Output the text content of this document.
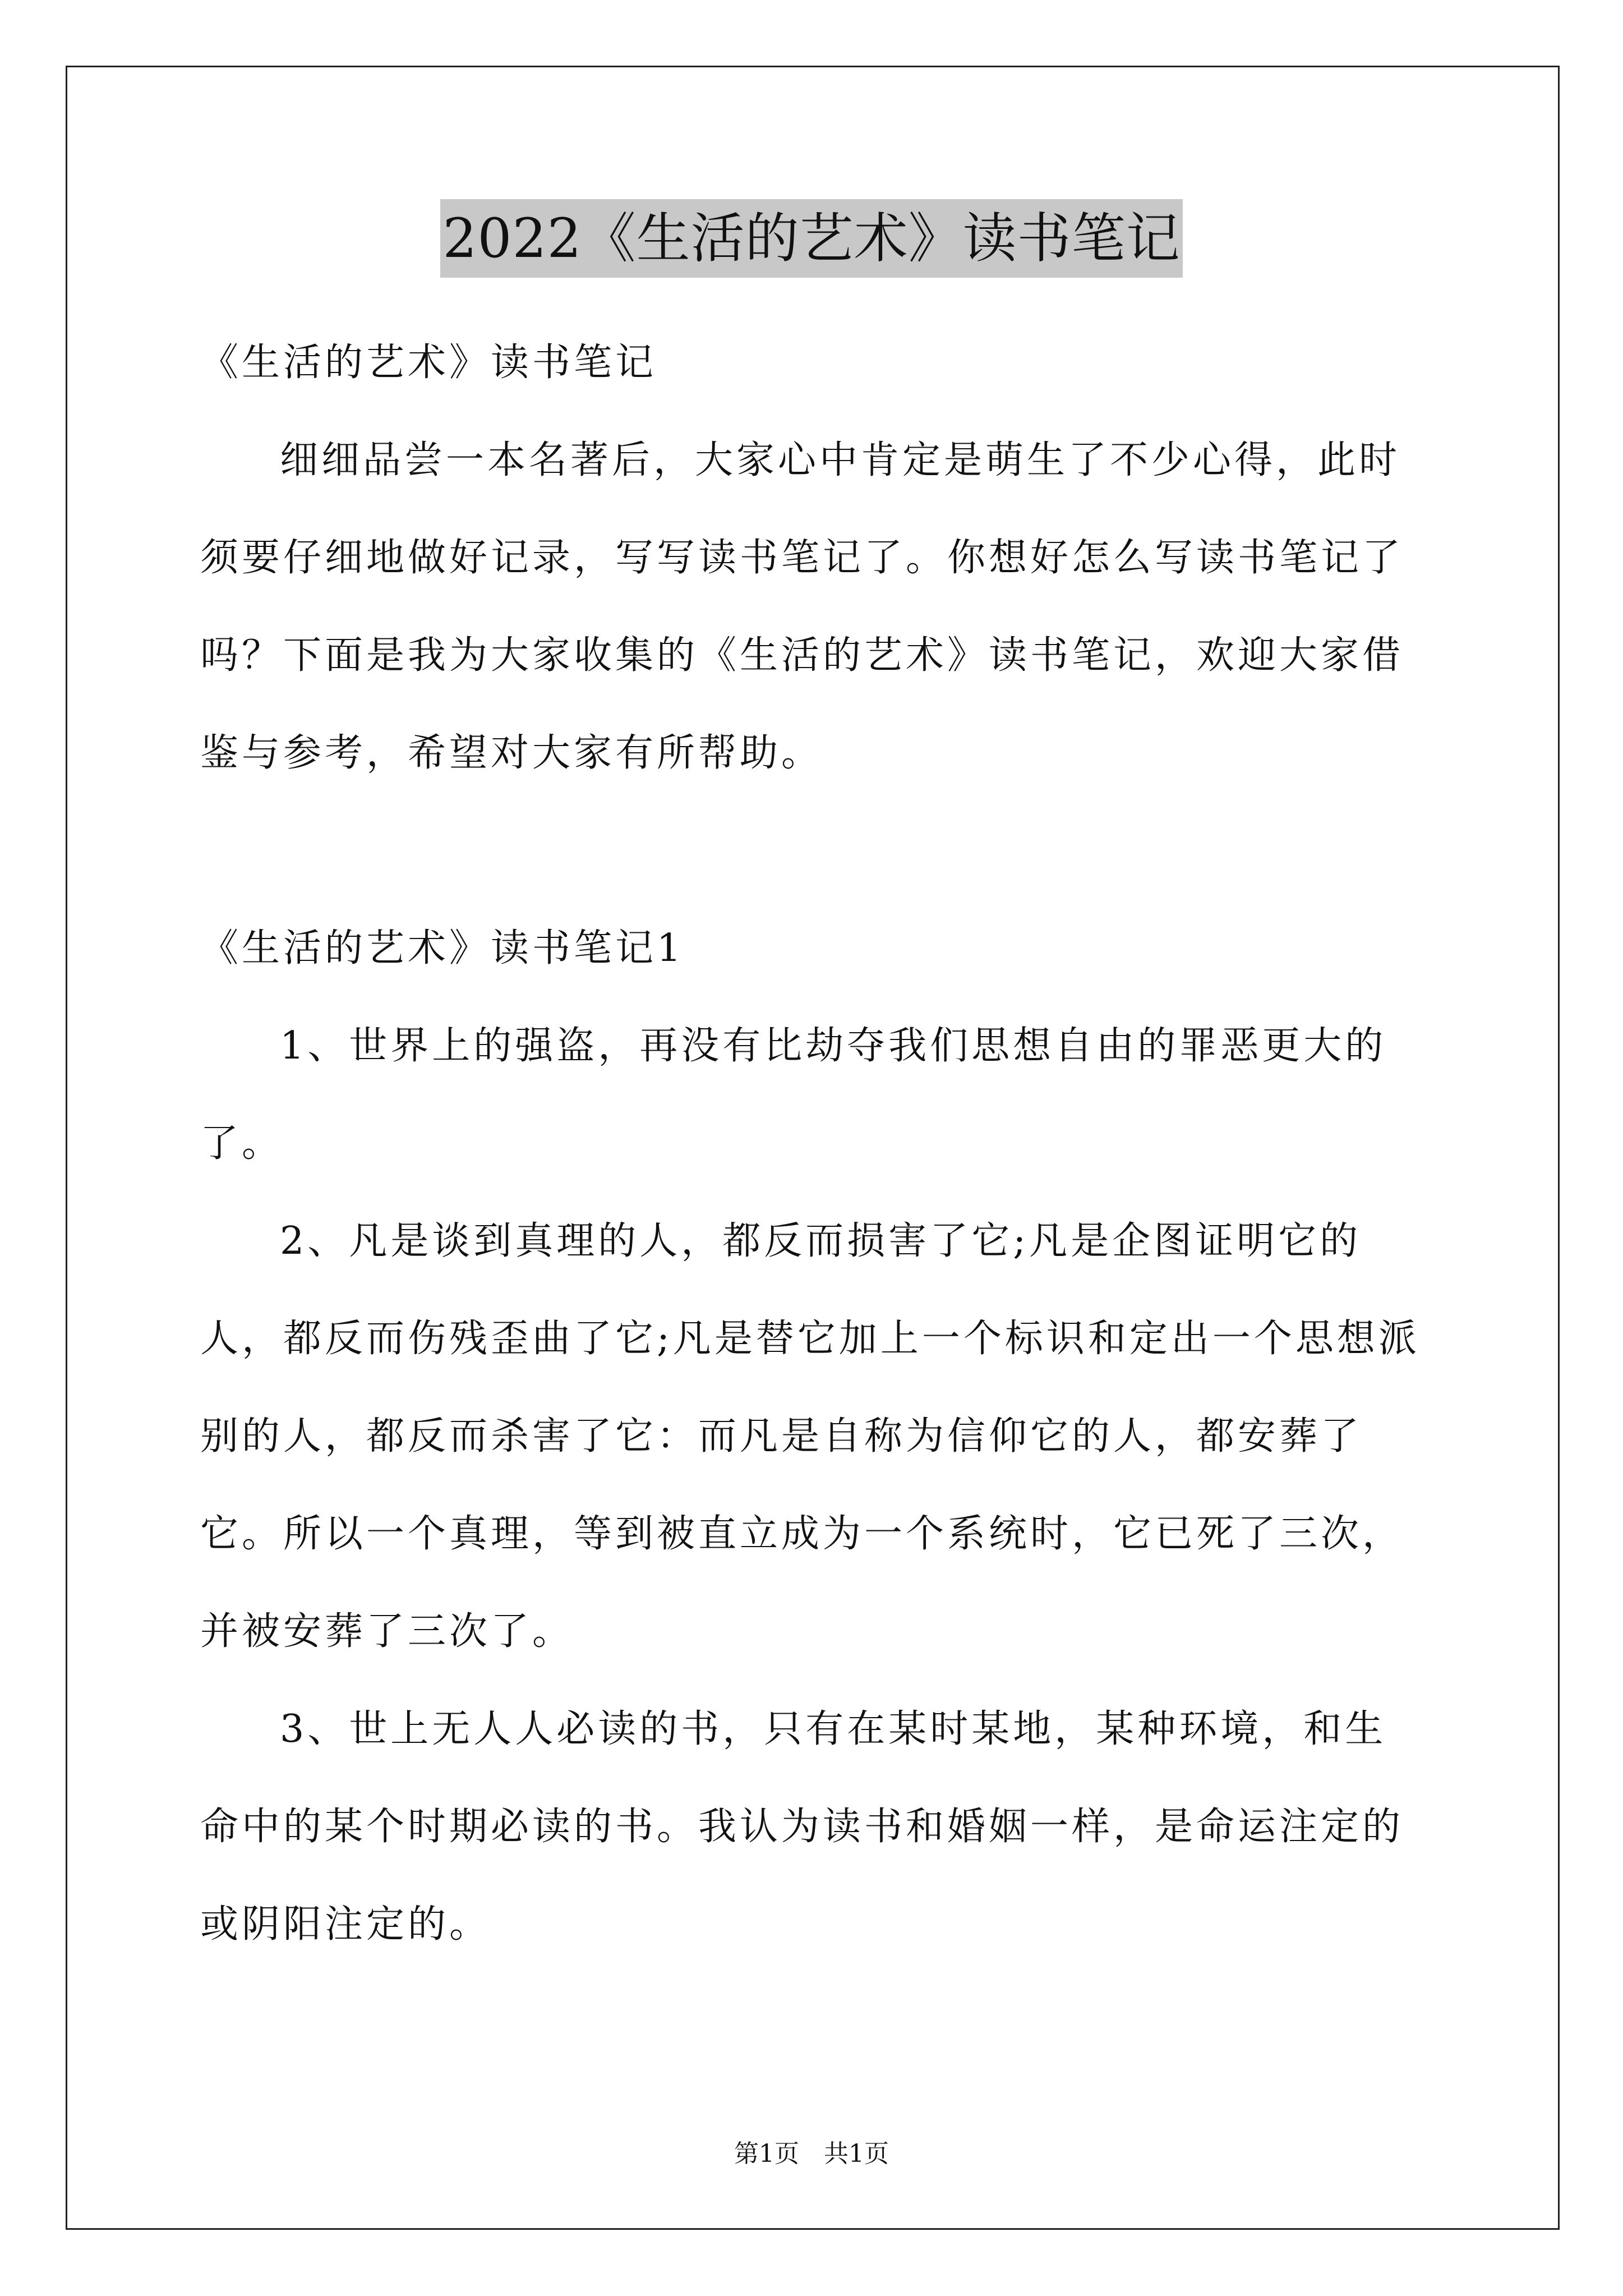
2022《生活的艺术》读书笔记

《生活的艺术》读书笔记

细细品尝一本名著后，大家心中肯定是萌生了不少心得，此时须要仔细地做好记录，写写读书笔记了。你想好怎么写读书笔记了吗？下面是我为大家收集的《生活的艺术》读书笔记，欢迎大家借鉴与参考，希望对大家有所帮助。

《生活的艺术》读书笔记1

1、世界上的强盗，再没有比劫夺我们思想自由的罪恶更大的了。

2、凡是谈到真理的人，都反而损害了它;凡是企图证明它的人，都反而伤残歪曲了它;凡是替它加上一个标识和定出一个思想派别的人，都反而杀害了它：而凡是自称为信仰它的人，都安葬了它。所以一个真理，等到被直立成为一个系统时，它已死了三次，并被安葬了三次了。

3、世上无人人必读的书，只有在某时某地，某种环境，和生命中的某个时期必读的书。我认为读书和婚姻一样，是命运注定的或阴阳注定的。

第1页 共1页
